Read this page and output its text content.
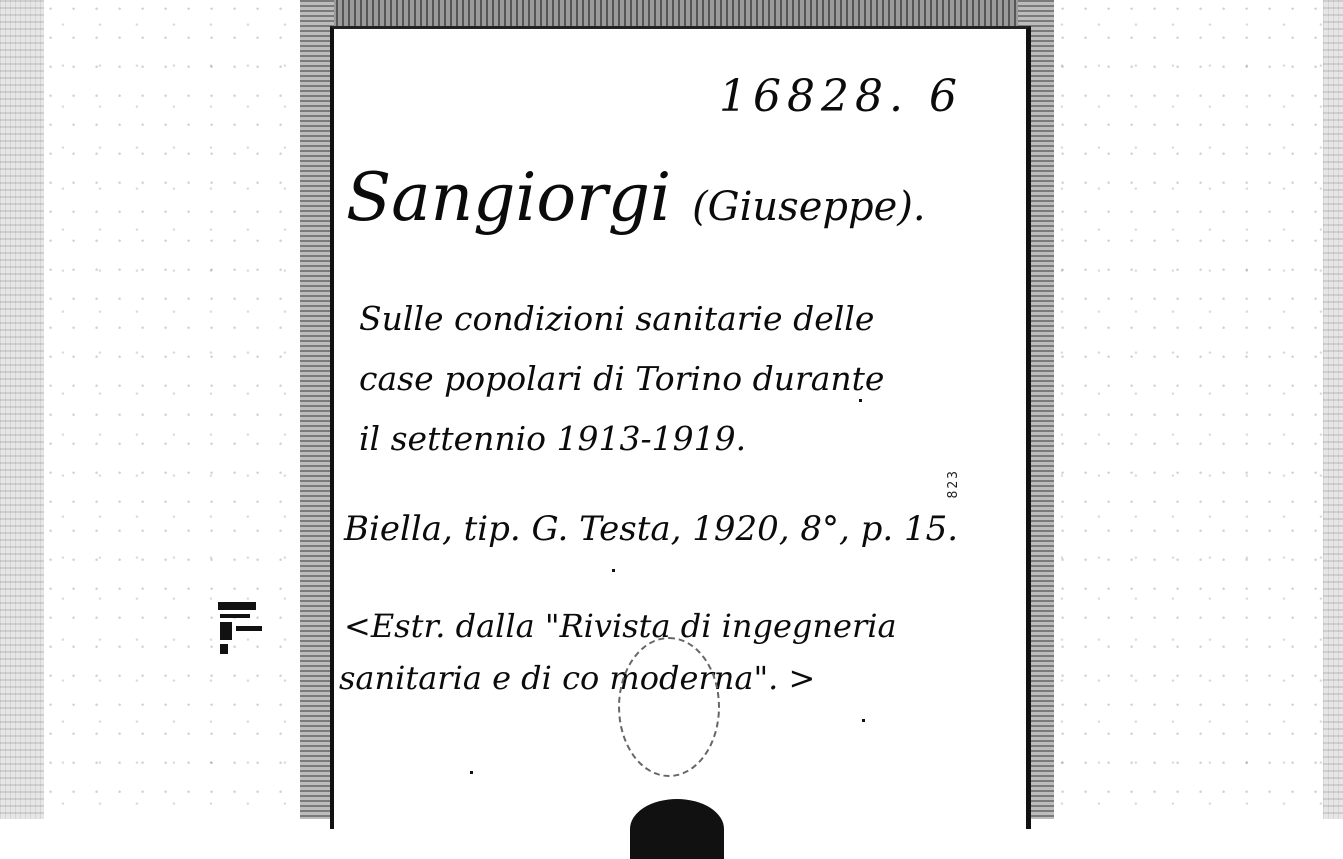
16828. 6
Sangiorgi (Giuseppe).
Sulle condizioni sanitarie delle
case popolari di Torino durante
il settennio 1913-1919.
823
Biella, tip. G. Testa, 1920, 8°, p. 15.
<Estr. dalla "Rivista di ingegneria
sanitaria e di co moderna". >
